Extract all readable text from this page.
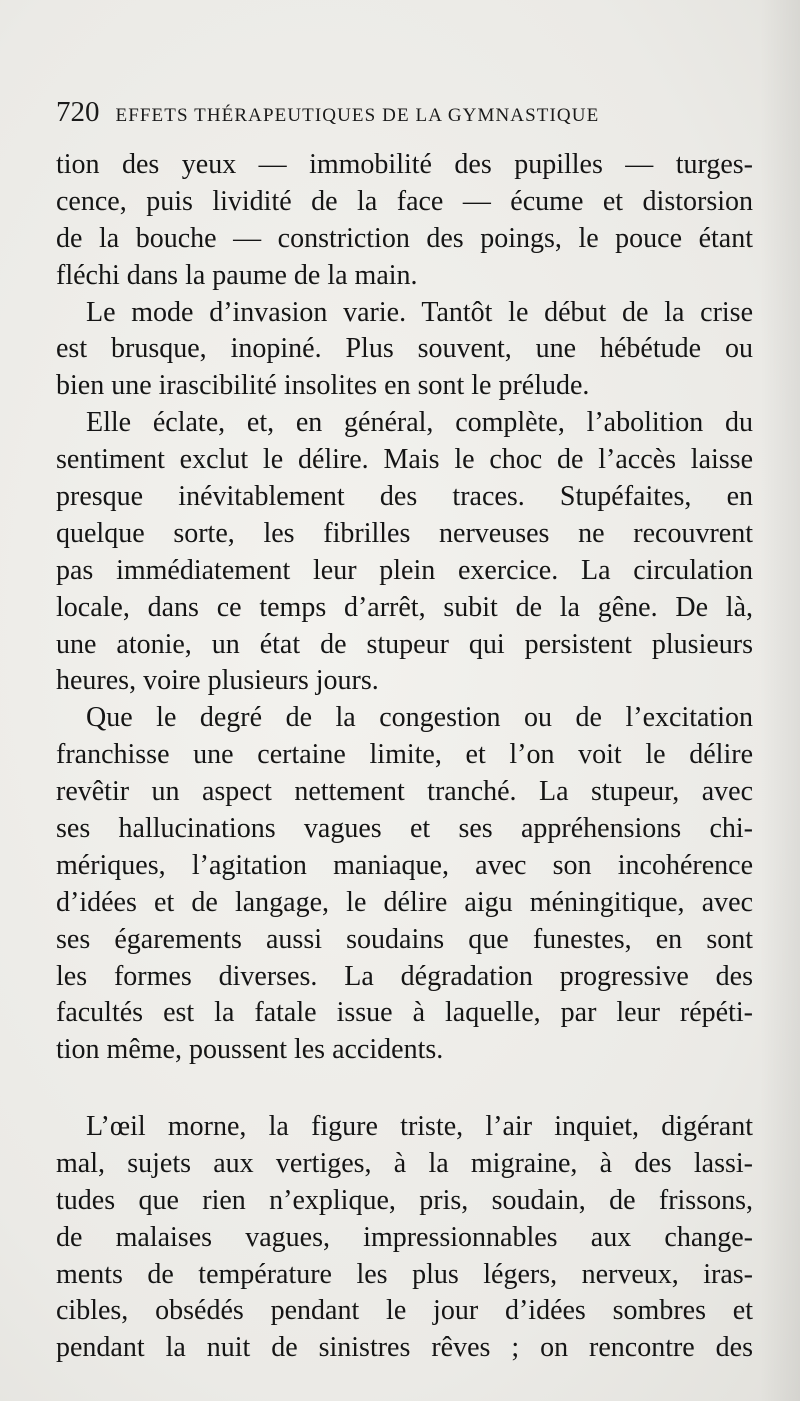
720 EFFETS THÉRAPEUTIQUES DE LA GYMNASTIQUE
tion des yeux — immobilité des pupilles — turges-
cence, puis lividité de la face — écume et distorsion
de la bouche — constriction des poings, le pouce étant
fléchi dans la paume de la main.
Le mode d’invasion varie. Tantôt le début de la crise
est brusque, inopiné. Plus souvent, une hébétude ou
bien une irascibilité insolites en sont le prélude.
Elle éclate, et, en général, complète, l’abolition du
sentiment exclut le délire. Mais le choc de l’accès laisse
presque inévitablement des traces. Stupéfaites, en
quelque sorte, les fibrilles nerveuses ne recouvrent
pas immédiatement leur plein exercice. La circulation
locale, dans ce temps d’arrêt, subit de la gêne. De là,
une atonie, un état de stupeur qui persistent plusieurs
heures, voire plusieurs jours.
Que le degré de la congestion ou de l’excitation
franchisse une certaine limite, et l’on voit le délire
revêtir un aspect nettement tranché. La stupeur, avec
ses hallucinations vagues et ses appréhensions chi-
mériques, l’agitation maniaque, avec son incohérence
d’idées et de langage, le délire aigu méningitique, avec
ses égarements aussi soudains que funestes, en sont
les formes diverses. La dégradation progressive des
facultés est la fatale issue à laquelle, par leur répéti-
tion même, poussent les accidents.
L’œil morne, la figure triste, l’air inquiet, digérant
mal, sujets aux vertiges, à la migraine, à des lassi-
tudes que rien n’explique, pris, soudain, de frissons,
de malaises vagues, impressionnables aux change-
ments de température les plus légers, nerveux, iras-
cibles, obsédés pendant le jour d’idées sombres et
pendant la nuit de sinistres rêves ; on rencontre des
